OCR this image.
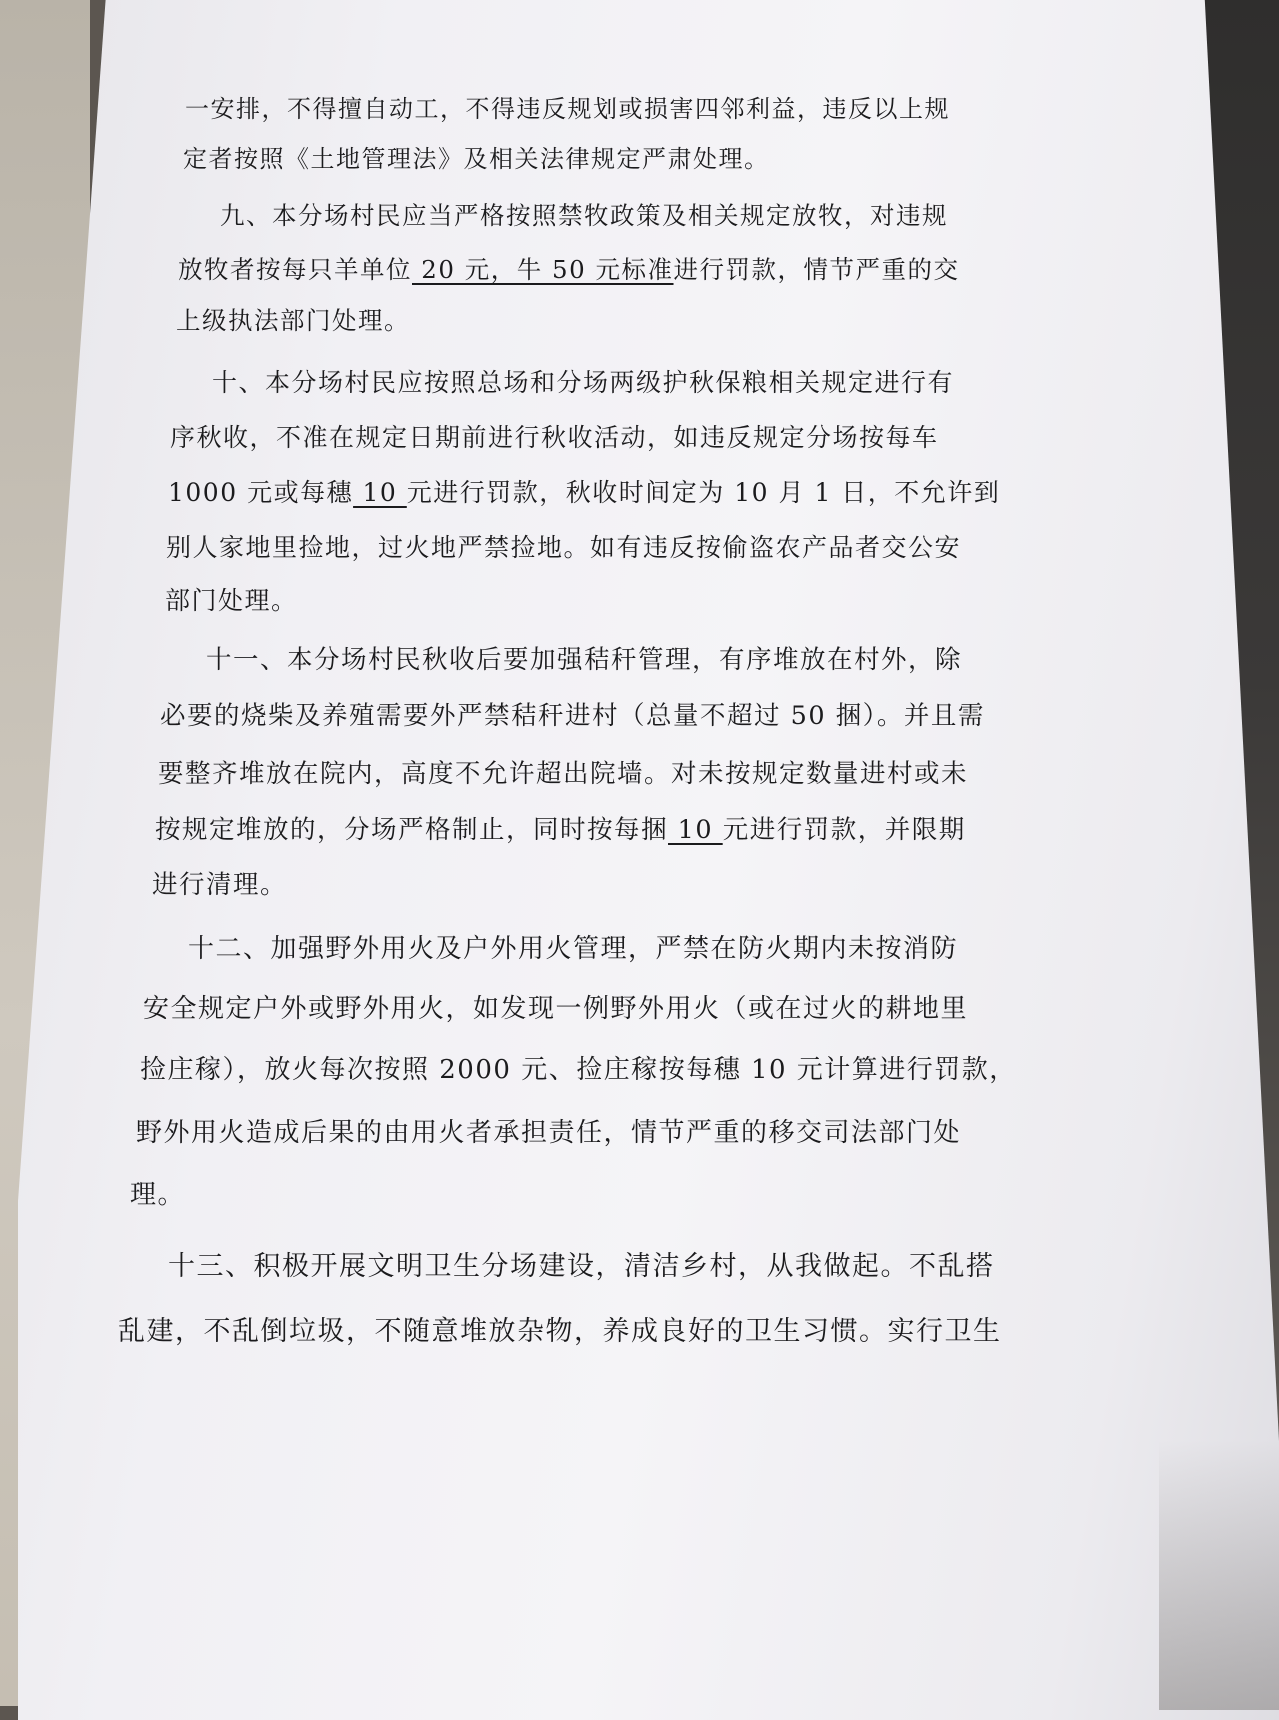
一安排，不得擅自动工，不得违反规划或损害四邻利益，违反以上规
定者按照《土地管理法》及相关法律规定严肃处理。
九、本分场村民应当严格按照禁牧政策及相关规定放牧，对违规
放牧者按每只羊单位 20 元，牛 50 元标准进行罚款，情节严重的交
上级执法部门处理。
十、本分场村民应按照总场和分场两级护秋保粮相关规定进行有
序秋收，不准在规定日期前进行秋收活动，如违反规定分场按每车
1000 元或每穗 10 元进行罚款，秋收时间定为 10 月 1 日，不允许到
别人家地里捡地，过火地严禁捡地。如有违反按偷盗农产品者交公安
部门处理。
十一、本分场村民秋收后要加强秸秆管理，有序堆放在村外，除
必要的烧柴及养殖需要外严禁秸秆进村（总量不超过 50 捆）。并且需
要整齐堆放在院内，高度不允许超出院墙。对未按规定数量进村或未
按规定堆放的，分场严格制止，同时按每捆 10 元进行罚款，并限期
进行清理。
十二、加强野外用火及户外用火管理，严禁在防火期内未按消防
安全规定户外或野外用火，如发现一例野外用火（或在过火的耕地里
捡庄稼），放火每次按照 2000 元、捡庄稼按每穗 10 元计算进行罚款，
野外用火造成后果的由用火者承担责任，情节严重的移交司法部门处
理。
十三、积极开展文明卫生分场建设，清洁乡村，从我做起。不乱搭
乱建，不乱倒垃圾，不随意堆放杂物，养成良好的卫生习惯。实行卫生
